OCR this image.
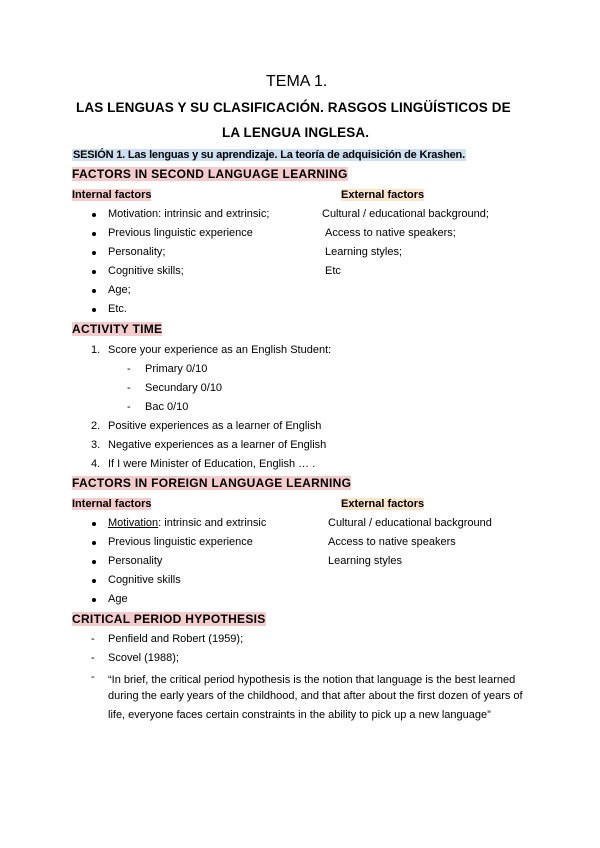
TEMA 1.
LAS LENGUAS Y SU CLASIFICACIÓN. RASGOS LINGÜÍSTICOS DE
LA LENGUA INGLESA.
SESIÓN 1. Las lenguas y su aprendizaje. La teoría de adquisición de Krashen.
FACTORS IN SECOND LANGUAGE LEARNING
Internal factors	External factors
Motivation: intrinsic and extrinsic;
Previous linguistic experience
Personality;
Cognitive skills;
Age;
Etc.
Cultural / educational background;
Access to native speakers;
Learning styles;
Etc
ACTIVITY TIME
1. Score your experience as an English Student:
- Primary 0/10
- Secundary 0/10
- Bac 0/10
2. Positive experiences as a learner of English
3. Negative experiences as a learner of English
4. If I were Minister of Education, English … .
FACTORS IN FOREIGN LANGUAGE LEARNING
Internal factors	External factors
Motivation: intrinsic and extrinsic
Previous linguistic experience
Personality
Cognitive skills
Age
Cultural / educational background
Access to native speakers
Learning styles
CRITICAL PERIOD HYPOTHESIS
- Penfield and Robert (1959);
- Scovel (1988);
- “In brief, the critical period hypothesis is the notion that language is the best learned
during the early years of the childhood, and that after about the first dozen of years of
life, everyone faces certain constraints in the ability to pick up a new language”
